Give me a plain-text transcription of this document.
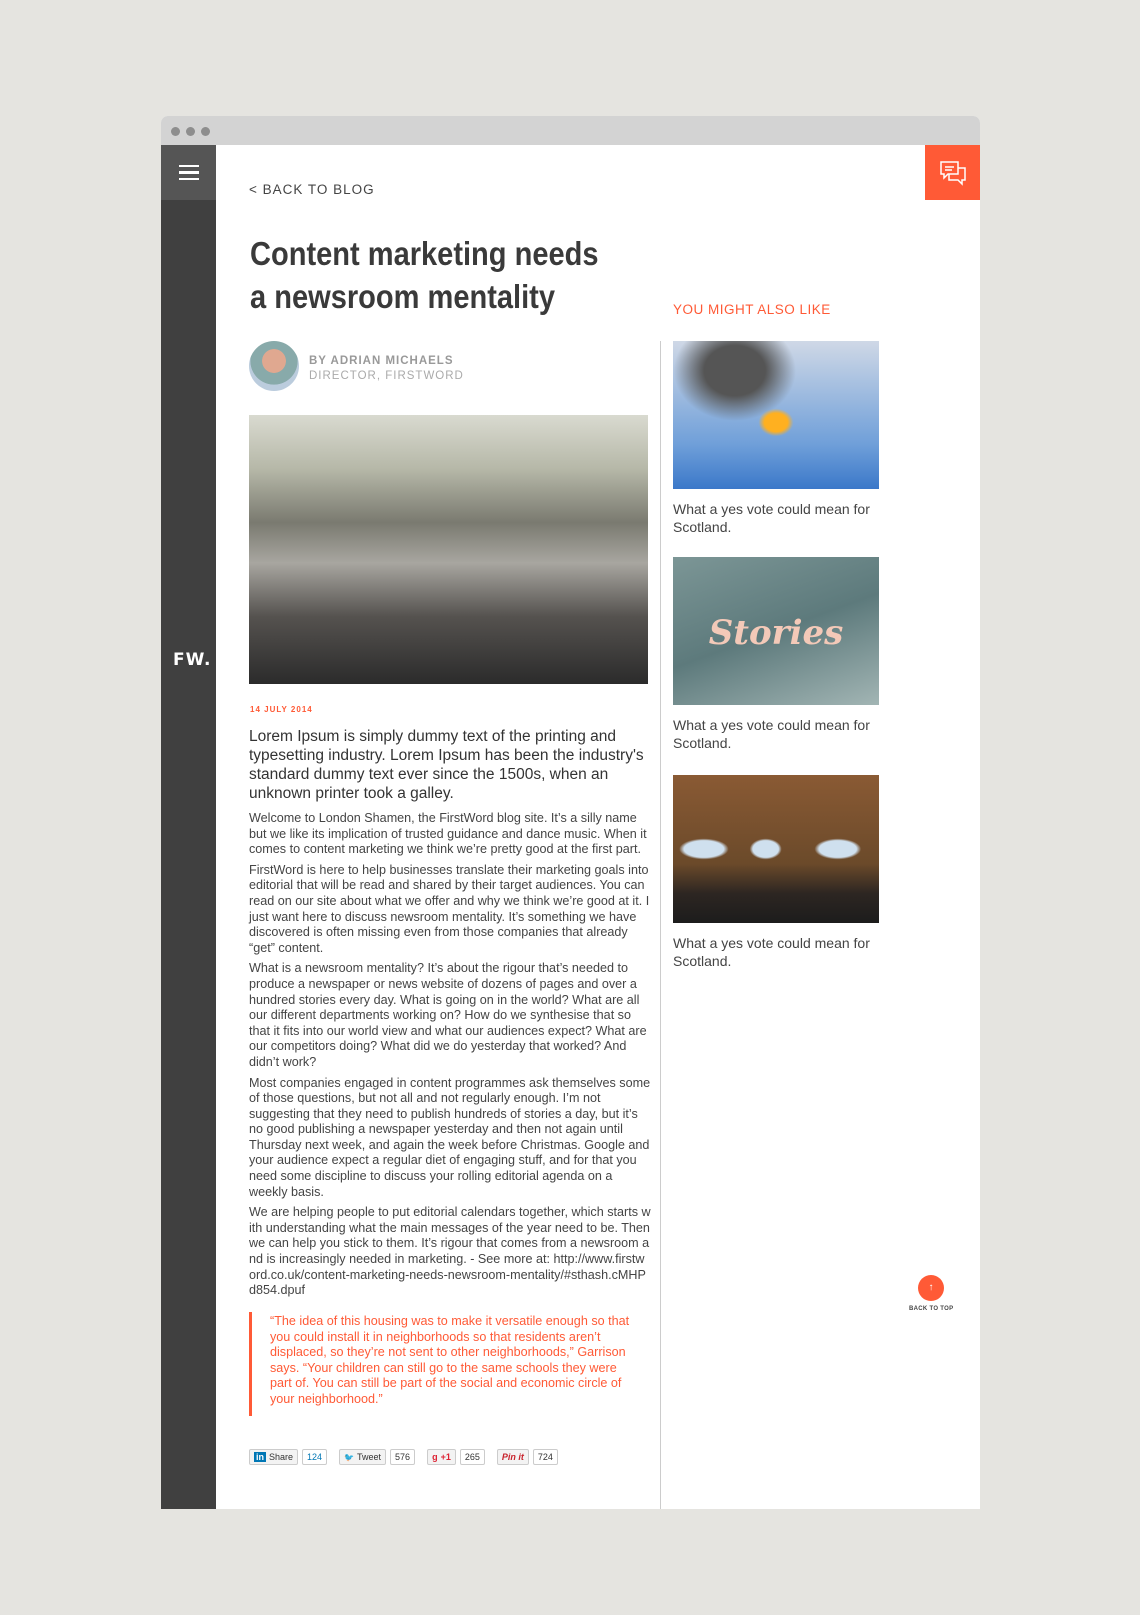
FW.
< BACK TO BLOG
Content marketing needs a newsroom mentality	YOU MIGHT ALSO LIKE
BY ADRIAN MICHAELS
DIRECTOR, FIRSTWORD
14 JULY 2014

Lorem Ipsum is simply dummy text of the printing and typesetting industry. Lorem Ipsum has been the industry's standard dummy text ever since the 1500s, when an unknown printer took a galley.

Welcome to London Shamen, the FirstWord blog site. It’s a silly name but we like its implication of trusted guidance and dance music. When it comes to content marketing we think we’re pretty good at the first part.

FirstWord is here to help businesses translate their marketing goals into editorial that will be read and shared by their target audiences. You can read on our site about what we offer and why we think we’re good at it. I just want here to discuss newsroom mentality. It’s something we have discovered is often missing even from those companies that already “get” content.

What is a newsroom mentality? It’s about the rigour that’s needed to produce a newspaper or news website of dozens of pages and over a hundred stories every day. What is going on in the world? What are all our different departments working on? How do we synthesise that so that it fits into our world view and what our audiences expect? What are our competitors doing? What did we do yesterday that worked? And didn’t work?

Most companies engaged in content programmes ask themselves some of those questions, but not all and not regularly enough. I’m not suggesting that they need to publish hundreds of stories a day, but it’s no good publishing a newspaper yesterday and then not again until Thursday next week, and again the week before Christmas. Google and your audience expect a regular diet of engaging stuff, and for that you need some discipline to discuss your rolling editorial agenda on a weekly basis.

We are helping people to put editorial calendars together, which starts with understanding what the main messages of the year need to be. Then we can help you stick to them. It’s rigour that comes from a newsroom and is increasingly needed in marketing. - See more at: http://www.firstword.co.uk/content-marketing-needs-newsroom-mentality/#sthash.cMHPd854.dpuf

“The idea of this housing was to make it versatile enough so that you could install it in neighborhoods so that residents aren’t displaced, so they’re not sent to other neighborhoods,” Garrison says. “Your children can still go to the same schools they were part of. You can still be part of the social and economic circle of your neighborhood.”
in Share	124	🐦 Tweet	576	g +1	265	Pin it	724
What a yes vote could mean for Scotland.
Stories
What a yes vote could mean for Scotland.
What a yes vote could mean for Scotland.
↑
BACK TO TOP
